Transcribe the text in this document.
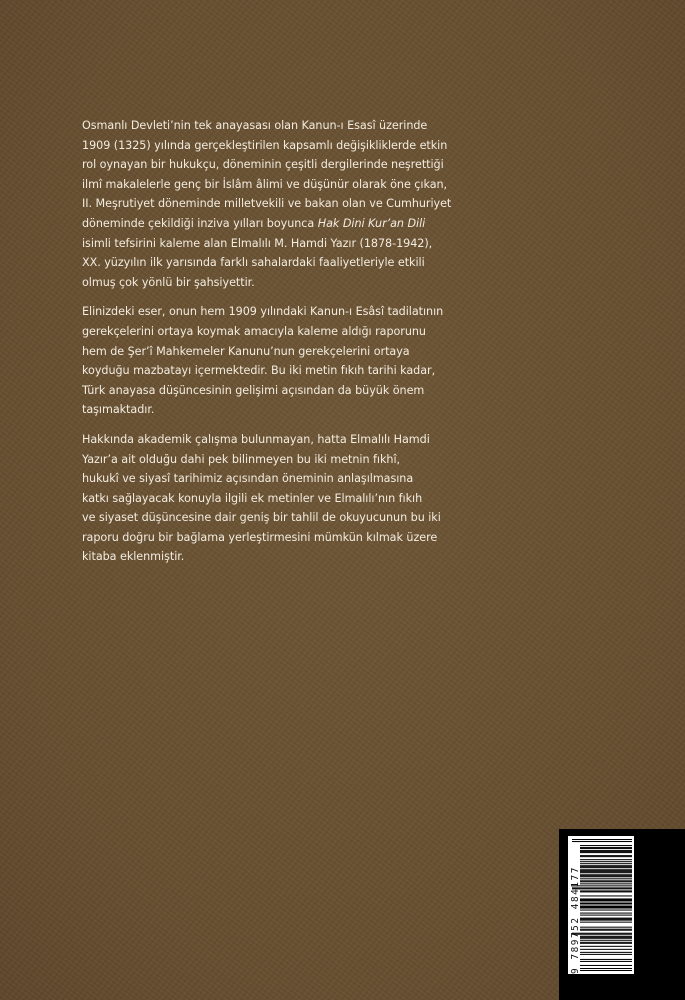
Osmanlı Devleti’nin tek anayasası olan Kanun-ı Esasî üzerinde
1909 (1325) yılında gerçekleştirilen kapsamlı değişikliklerde etkin
rol oynayan bir hukukçu, döneminin çeşitli dergilerinde neşrettiği
ilmî makalelerle genç bir İslâm âlimi ve düşünür olarak öne çıkan,
II. Meşrutiyet döneminde milletvekili ve bakan olan ve Cumhuriyet
döneminde çekildiği inziva yılları boyunca Hak Dini Kur’an Dili
isimli tefsirini kaleme alan Elmalılı M. Hamdi Yazır (1878-1942),
XX. yüzyılın ilk yarısında farklı sahalardaki faaliyetleriyle etkili
olmuş çok yönlü bir şahsiyettir.
Elinizdeki eser, onun hem 1909 yılındaki Kanun-ı Esâsî tadilatının
gerekçelerini ortaya koymak amacıyla kaleme aldığı raporunu
hem de Şer’î Mahkemeler Kanunu’nun gerekçelerini ortaya
koyduğu mazbatayı içermektedir. Bu iki metin fıkıh tarihi kadar,
Türk anayasa düşüncesinin gelişimi açısından da büyük önem
taşımaktadır.
Hakkında akademik çalışma bulunmayan, hatta Elmalılı Hamdi
Yazır’a ait olduğu dahi pek bilinmeyen bu iki metnin fıkhî,
hukukî ve siyasî tarihimiz açısından öneminin anlaşılmasına
katkı sağlayacak konuyla ilgili ek metinler ve Elmalılı’nın fıkıh
ve siyaset düşüncesine dair geniş bir tahlil de okuyucunun bu iki
raporu doğru bir bağlama yerleştirmesini mümkün kılmak üzere
kitaba eklenmiştir.
9 789752 484177
